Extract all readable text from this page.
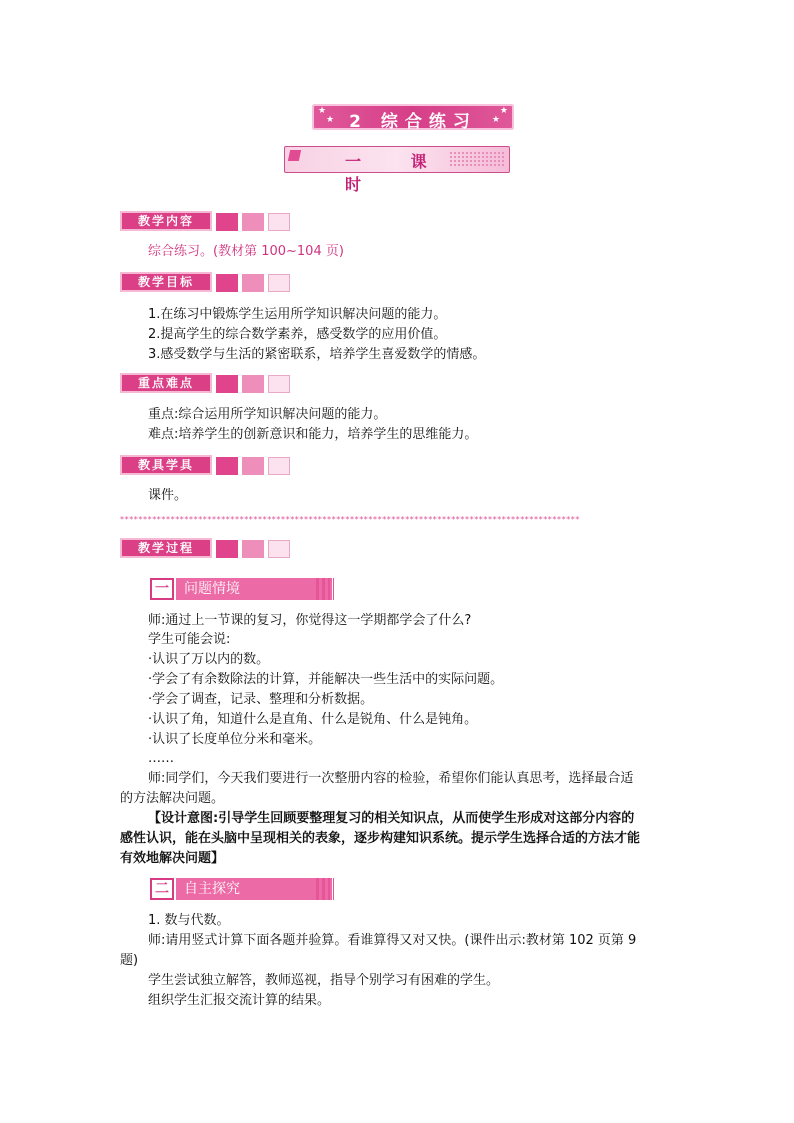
★
★
★
★
2 综合练习
一 课 时
教学内容
综合练习。(教材第 100~104 页)
教学目标
1.在练习中锻炼学生运用所学知识解决问题的能力。
2.提高学生的综合数学素养，感受数学的应用价值。
3.感受数学与生活的紧密联系，培养学生喜爱数学的情感。
重点难点
重点:综合运用所学知识解决问题的能力。
难点:培养学生的创新意识和能力，培养学生的思维能力。
教具学具
课件。
****************************************************************************************************
教学过程
一	问题情境
师:通过上一节课的复习，你觉得这一学期都学会了什么?
学生可能会说:
·认识了万以内的数。
·学会了有余数除法的计算，并能解决一些生活中的实际问题。
·学会了调查，记录、整理和分析数据。
·认识了角，知道什么是直角、什么是锐角、什么是钝角。
·认识了长度单位分米和毫米。
……
师:同学们，今天我们要进行一次整册内容的检验，希望你们能认真思考，选择最合适
的方法解决问题。
【设计意图:引导学生回顾要整理复习的相关知识点，从而使学生形成对这部分内容的
感性认识，能在头脑中呈现相关的表象，逐步构建知识系统。提示学生选择合适的方法才能
有效地解决问题】
二	自主探究
1. 数与代数。
师:请用竖式计算下面各题并验算。看谁算得又对又快。(课件出示:教材第 102 页第 9
题)
学生尝试独立解答，教师巡视，指导个别学习有困难的学生。
组织学生汇报交流计算的结果。
